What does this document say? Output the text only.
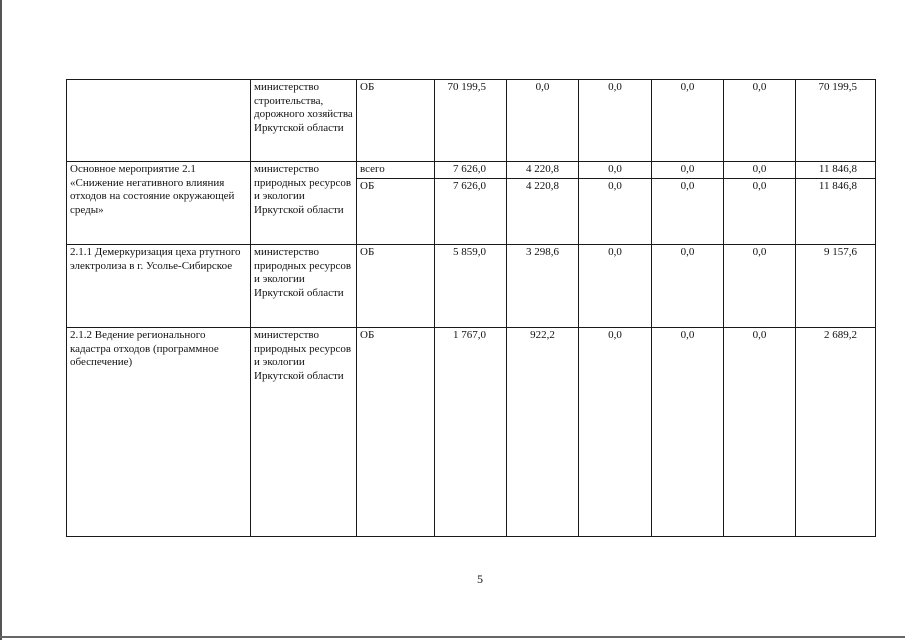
	министерство строительства, дорожного хозяйства Иркутской области	ОБ	70 199,5	0,0	0,0	0,0	0,0	70 199,5
Основное мероприятие 2.1 «Снижение негативного влияния отходов на состояние окружающей среды»	министерство природных ресурсов и экологии Иркутской области	всего	7 626,0	4 220,8	0,0	0,0	0,0	11 846,8
		ОБ	7 626,0	4 220,8	0,0	0,0	0,0	11 846,8
2.1.1 Демеркуризация цеха ртутного электролиза в г. Усолье-Сибирское	министерство природных ресурсов и экологии Иркутской области	ОБ	5 859,0	3 298,6	0,0	0,0	0,0	9 157,6
2.1.2 Ведение регионального кадастра отходов (программное обеспечение)	министерство природных ресурсов и экологии Иркутской области	ОБ	1 767,0	922,2	0,0	0,0	0,0	2 689,2
5
